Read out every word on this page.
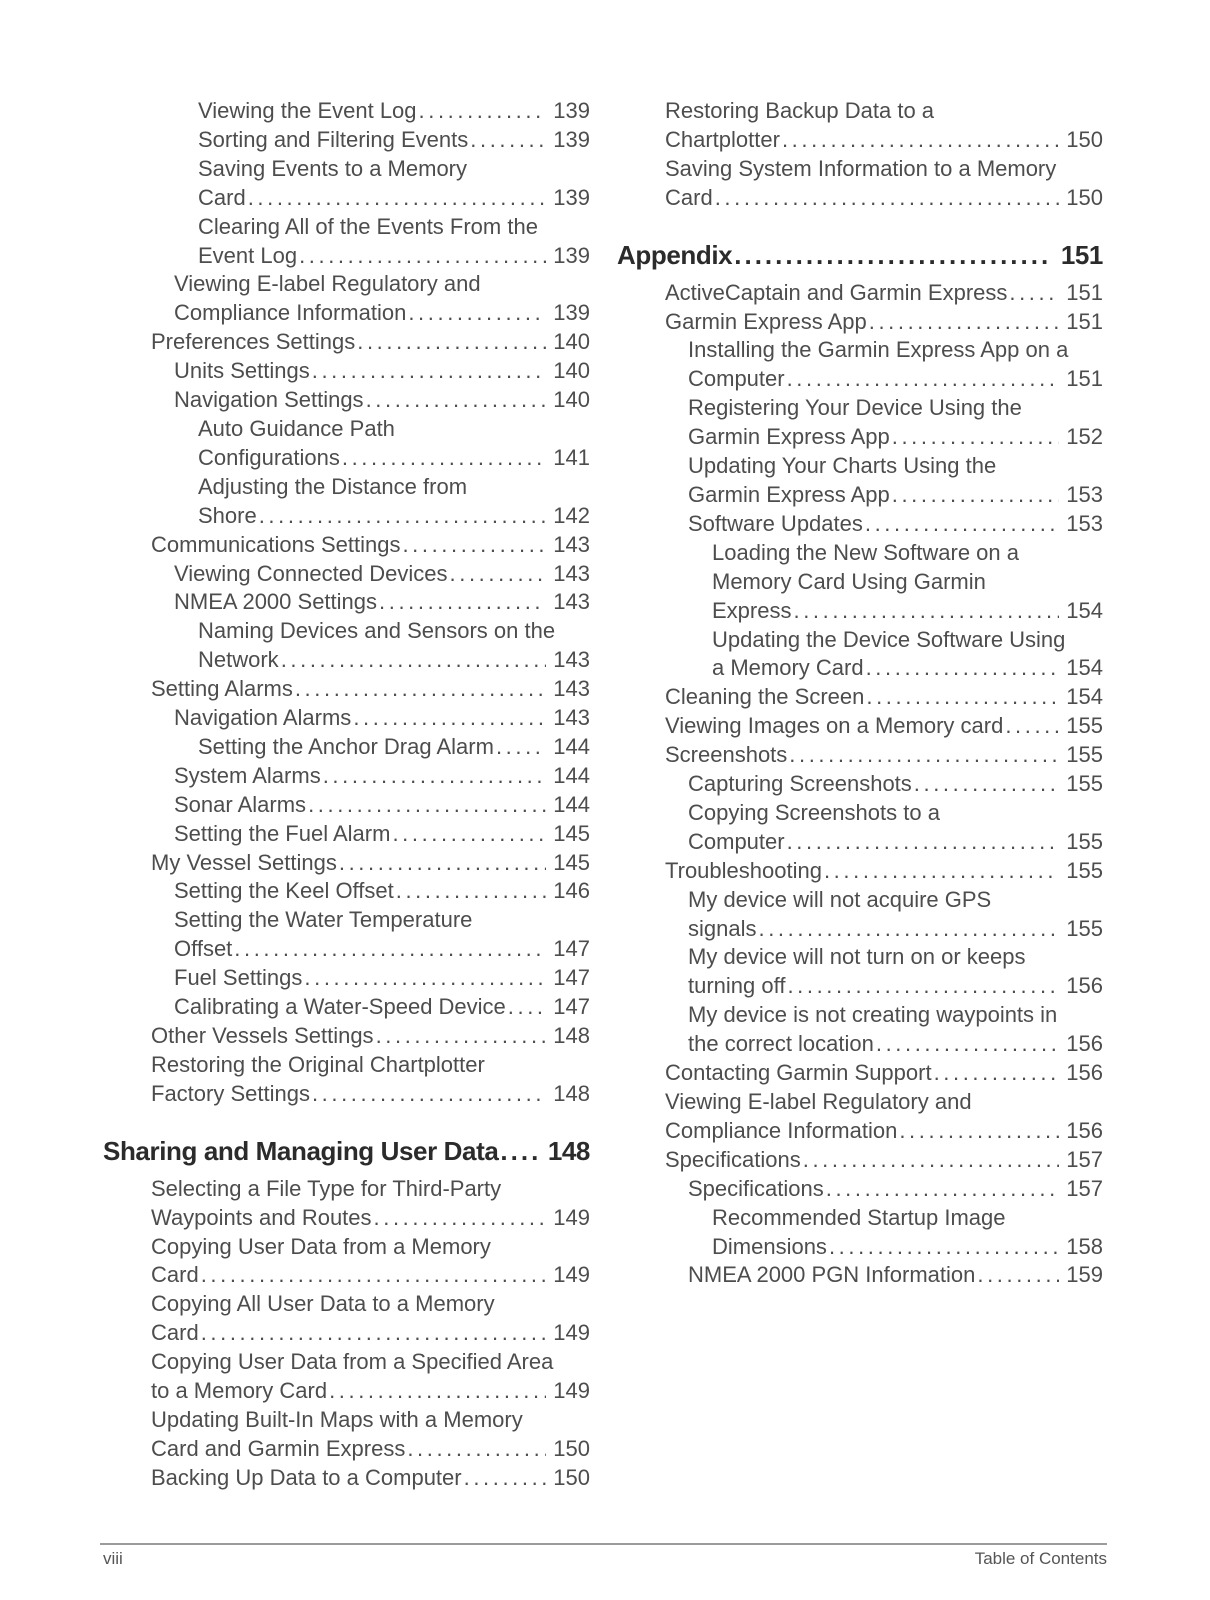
Viewing the Event Log .....	139
Sorting and Filtering Events .....	139
Saving Events to a Memory
Card .....	139
Clearing All of the Events From the
Event Log .....	139
Viewing E-label Regulatory and
Compliance Information .....	139
Preferences Settings .....	140
Units Settings .....	140
Navigation Settings .....	140
Auto Guidance Path
Configurations .....	141
Adjusting the Distance from
Shore .....	142
Communications Settings .....	143
Viewing Connected Devices .....	143
NMEA 2000 Settings .....	143
Naming Devices and Sensors on the
Network .....	143
Setting Alarms .....	143
Navigation Alarms .....	143
Setting the Anchor Drag Alarm .....	144
System Alarms .....	144
Sonar Alarms .....	144
Setting the Fuel Alarm .....	145
My Vessel Settings .....	145
Setting the Keel Offset .....	146
Setting the Water Temperature
Offset .....	147
Fuel Settings .....	147
Calibrating a Water-Speed Device ..... 147
Other Vessels Settings .....	148
Restoring the Original Chartplotter
Factory Settings .....	148
Sharing and Managing User Data ..... 148
Selecting a File Type for Third-Party
Waypoints and Routes .....	149
Copying User Data from a Memory
Card .....	149
Copying All User Data to a Memory
Card .....	149
Copying User Data from a Specified Area
to a Memory Card .....	149
Updating Built-In Maps with a Memory
Card and Garmin Express .....	150
Backing Up Data to a Computer .....	150
Restoring Backup Data to a
Chartplotter .....	150
Saving System Information to a Memory
Card .....	150
Appendix .....	151
ActiveCaptain and Garmin Express .....	151
Garmin Express App .....	151
Installing the Garmin Express App on a
Computer .....	151
Registering Your Device Using the
Garmin Express App .....	152
Updating Your Charts Using the
Garmin Express App .....	153
Software Updates .....	153
Loading the New Software on a
Memory Card Using Garmin
Express .....	154
Updating the Device Software Using
a Memory Card .....	154
Cleaning the Screen .....	154
Viewing Images on a Memory card .....	155
Screenshots .....	155
Capturing Screenshots .....	155
Copying Screenshots to a
Computer .....	155
Troubleshooting .....	155
My device will not acquire GPS
signals .....	155
My device will not turn on or keeps
turning off .....	156
My device is not creating waypoints in
the correct location .....	156
Contacting Garmin Support .....	156
Viewing E-label Regulatory and
Compliance Information .....	156
Specifications .....	157
Specifications .....	157
Recommended Startup Image
Dimensions .....	158
NMEA 2000 PGN Information .....	159
viii	Table of Contents
